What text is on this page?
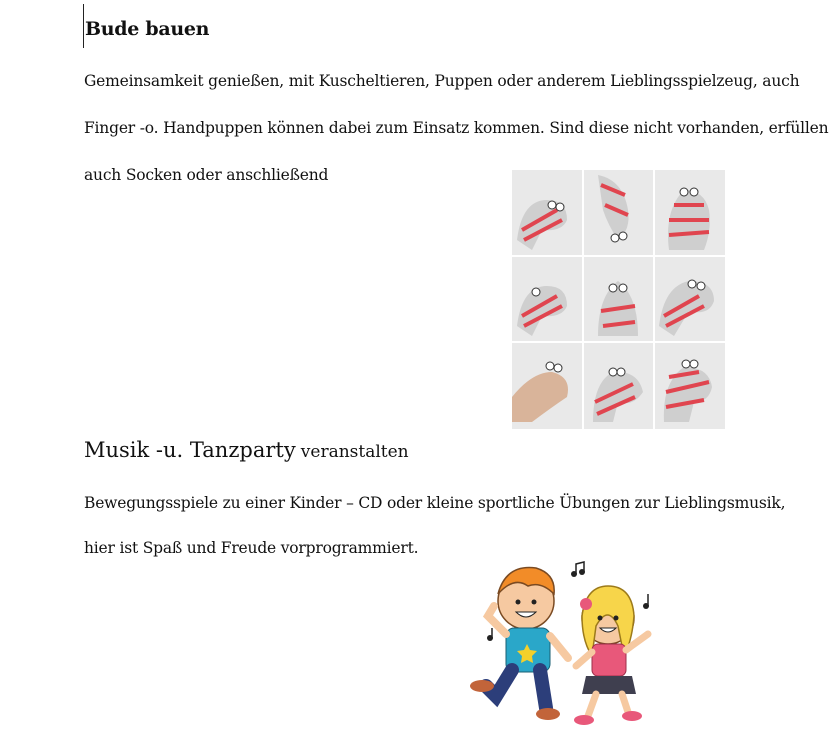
Bude bauen
Gemeinsamkeit genießen, mit Kuscheltieren, Puppen oder anderem Lieblingsspielzeug, auch
Finger -o. Handpuppen können dabei zum Einsatz kommen. Sind diese nicht vorhanden, erfüllen
auch Socken oder anschließend
Musik -u. Tanzparty veranstalten
Bewegungsspiele zu einer Kinder – CD oder kleine sportliche Übungen zur Lieblingsmusik,
hier ist Spaß und Freude vorprogrammiert.
